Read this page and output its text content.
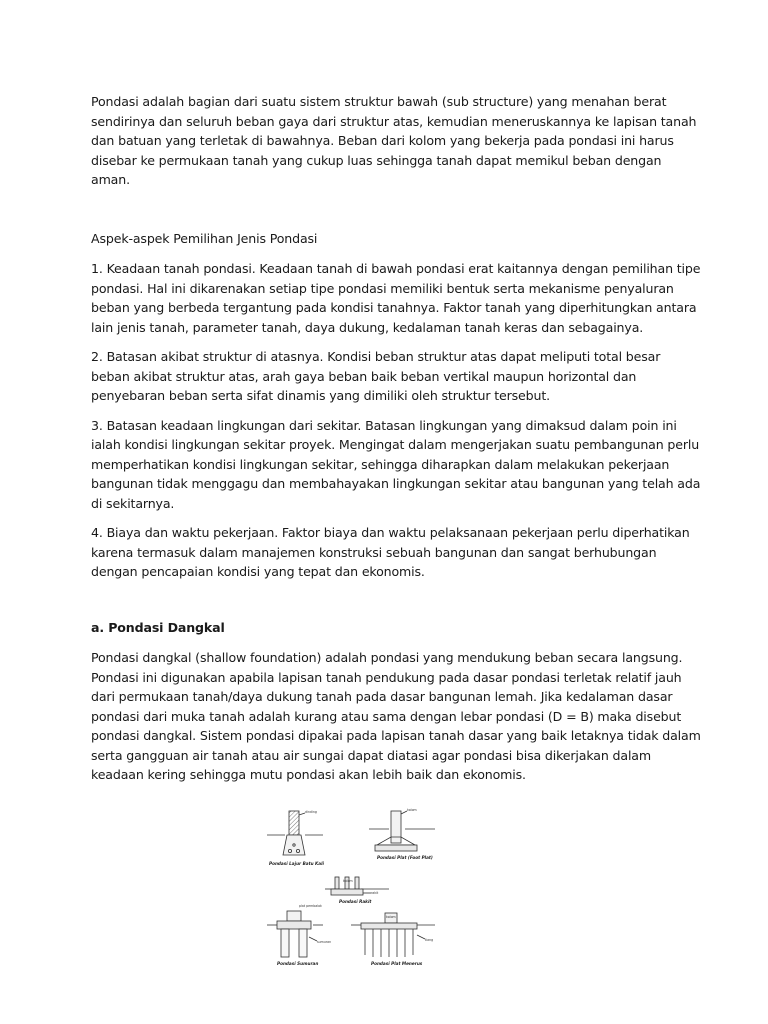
Pondasi adalah bagian dari suatu sistem struktur bawah (sub structure) yang menahan berat sendirinya dan seluruh beban gaya dari struktur atas, kemudian meneruskannya ke lapisan tanah dan batuan yang terletak di bawahnya. Beban dari kolom yang bekerja pada pondasi ini harus disebar ke permukaan tanah yang cukup luas sehingga tanah dapat memikul beban dengan aman.

Aspek-aspek Pemilihan Jenis Pondasi

1. Keadaan tanah pondasi. Keadaan tanah di bawah pondasi erat kaitannya dengan pemilihan tipe pondasi. Hal ini dikarenakan setiap tipe pondasi memiliki bentuk serta mekanisme penyaluran beban yang berbeda tergantung pada kondisi tanahnya. Faktor tanah yang diperhitungkan antara lain jenis tanah, parameter tanah, daya dukung, kedalaman tanah keras dan sebagainya.

2. Batasan akibat struktur di atasnya. Kondisi beban struktur atas dapat meliputi total besar beban akibat struktur atas, arah gaya beban baik beban vertikal maupun horizontal dan penyebaran beban serta sifat dinamis yang dimiliki oleh struktur tersebut.

3. Batasan keadaan lingkungan dari sekitar. Batasan lingkungan yang dimaksud dalam poin ini ialah kondisi lingkungan sekitar proyek. Mengingat dalam mengerjakan suatu pembangunan perlu memperhatikan kondisi lingkungan sekitar, sehingga diharapkan dalam melakukan pekerjaan bangunan tidak menggagu dan membahayakan lingkungan sekitar atau bangunan yang telah ada di sekitarnya.

4. Biaya dan waktu pekerjaan. Faktor biaya dan waktu pelaksanaan pekerjaan perlu diperhatikan karena termasuk dalam manajemen konstruksi sebuah bangunan dan sangat berhubungan dengan pencapaian kondisi yang tepat dan ekonomis.

a. Pondasi Dangkal

Pondasi dangkal (shallow foundation) adalah pondasi yang mendukung beban secara langsung. Pondasi ini digunakan apabila lapisan tanah pendukung pada dasar pondasi terletak relatif jauh dari permukaan tanah/daya dukung tanah pada dasar bangunan lemah. Jika kedalaman dasar pondasi dari muka tanah adalah kurang atau sama dengan lebar pondasi (D = B) maka disebut pondasi dangkal. Sistem pondasi dipakai pada lapisan tanah dasar yang baik letaknya tidak dalam serta gangguan air tanah atau air sungai dapat diatasi agar pondasi bisa dikerjakan dalam keadaan kering sehingga mutu pondasi akan lebih baik dan ekonomis.

dinding	kolom
kolom
rakit
plat pembalok
sumuran
kolom
tiang
Pondasi Lajur Batu Kali
Pondasi Plat (Foot Plat)
Pondasi Rakit
Pondasi Sumuran	Pondasi Plat Menerus
